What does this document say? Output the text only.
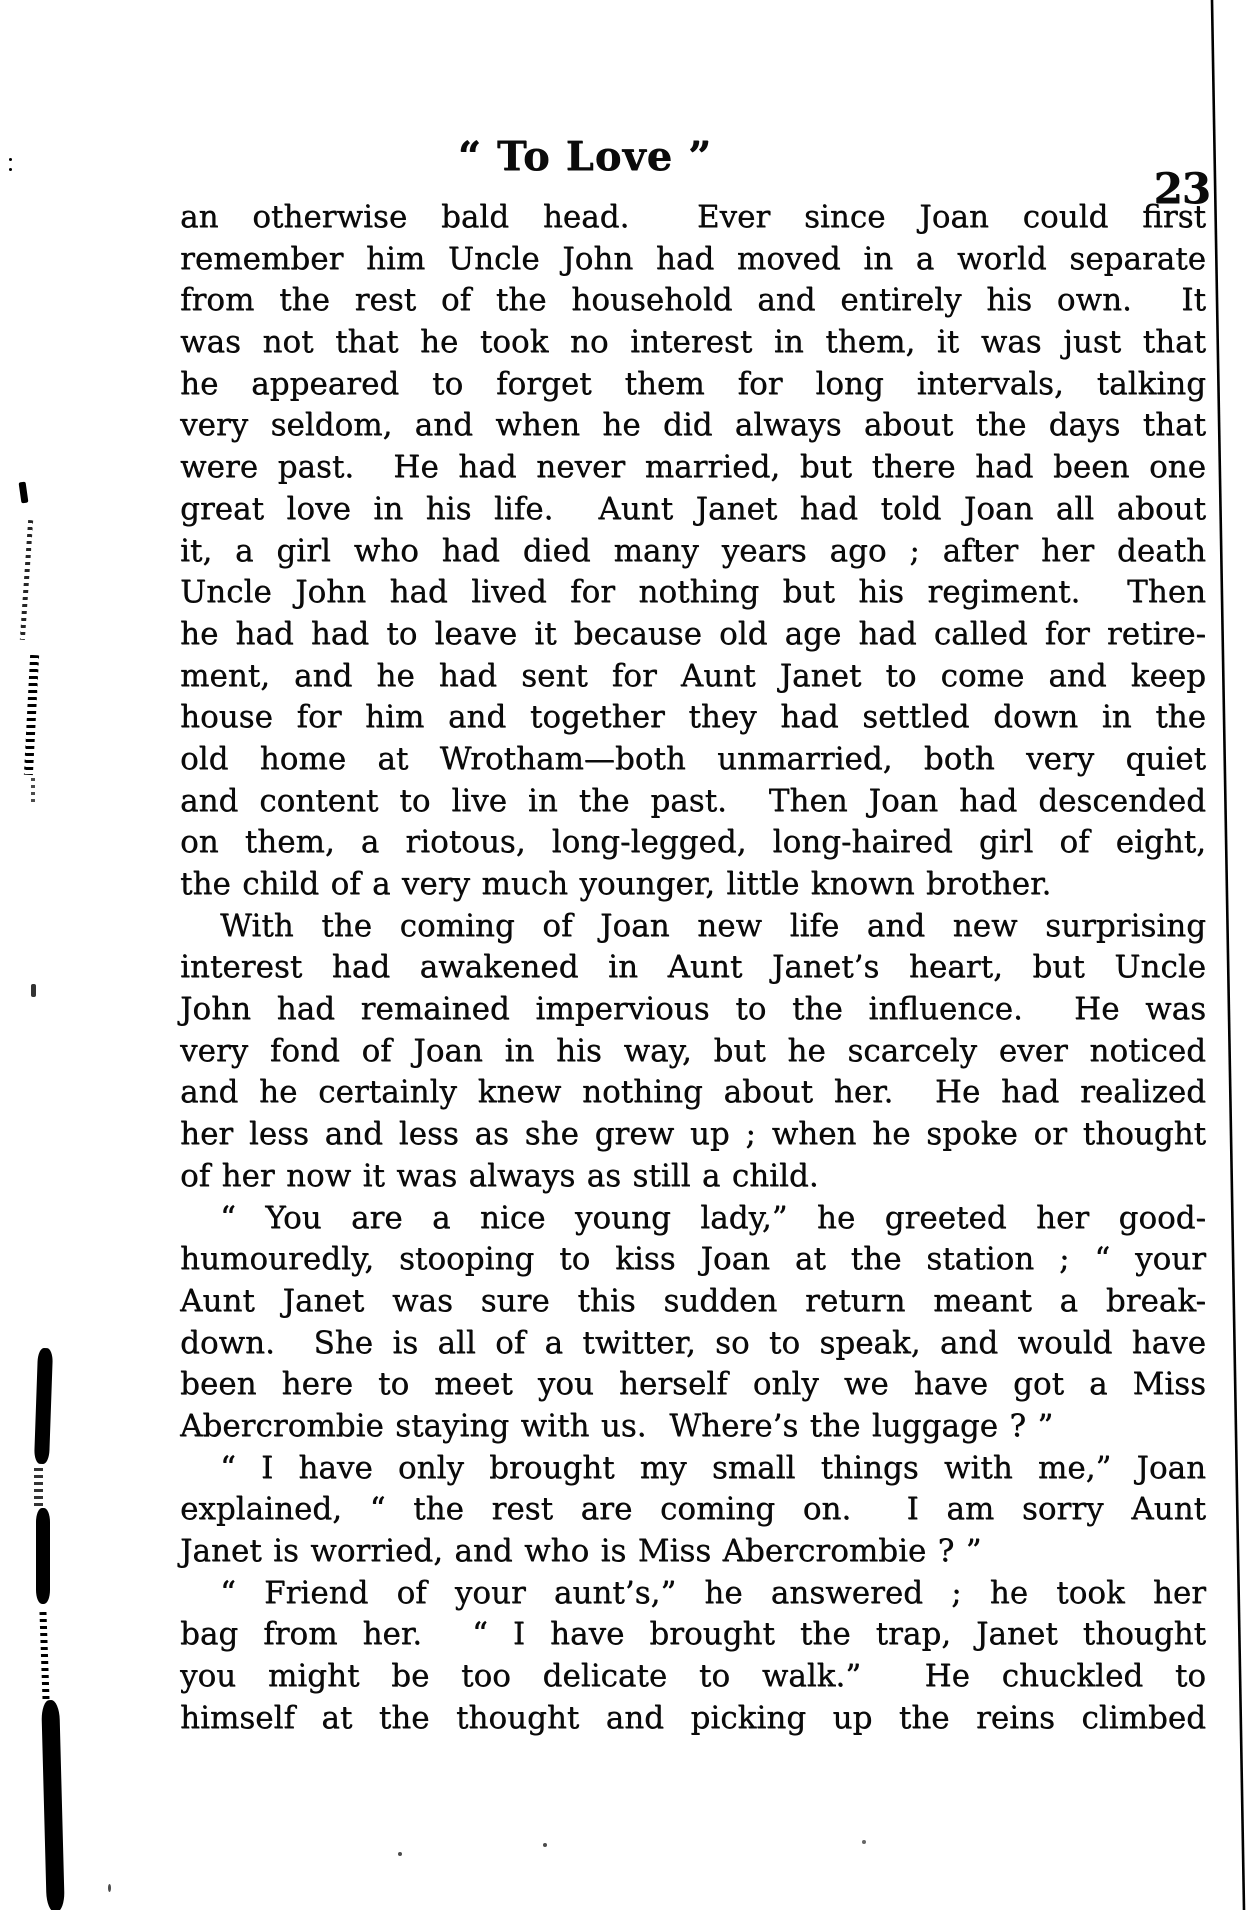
“ To Love ”
23
an otherwise bald head.  Ever since Joan could first
remember him Uncle John had moved in a world separate
from the rest of the household and entirely his own.  It
was not that he took no interest in them, it was just that
he appeared to forget them for long intervals, talking
very seldom, and when he did always about the days that
were past.  He had never married, but there had been one
great love in his life.  Aunt Janet had told Joan all about
it, a girl who had died many years ago ; after her death
Uncle John had lived for nothing but his regiment.  Then
he had had to leave it because old age had called for retire-
ment, and he had sent for Aunt Janet to come and keep
house for him and together they had settled down in the
old home at Wrotham—both unmarried, both very quiet
and content to live in the past.  Then Joan had descended
on them, a riotous, long-legged, long-haired girl of eight,
the child of a very much younger, little known brother.
With the coming of Joan new life and new surprising
interest had awakened in Aunt Janet’s heart, but Uncle
John had remained impervious to the influence.  He was
very fond of Joan in his way, but he scarcely ever noticed
and he certainly knew nothing about her.  He had realized
her less and less as she grew up ; when he spoke or thought
of her now it was always as still a child.
“ You are a nice young lady,” he greeted her good-
humouredly, stooping to kiss Joan at the station ; “ your
Aunt Janet was sure this sudden return meant a break-
down.  She is all of a twitter, so to speak, and would have
been here to meet you herself only we have got a Miss
Abercrombie staying with us.  Where’s the luggage ? ”
“ I have only brought my small things with me,” Joan
explained, “ the rest are coming on.  I am sorry Aunt
Janet is worried, and who is Miss Abercrombie ? ”
“ Friend of your aunt’s,” he answered ; he took her
bag from her.  “ I have brought the trap, Janet thought
you might be too delicate to walk.”  He chuckled to
himself at the thought and picking up the reins climbed
